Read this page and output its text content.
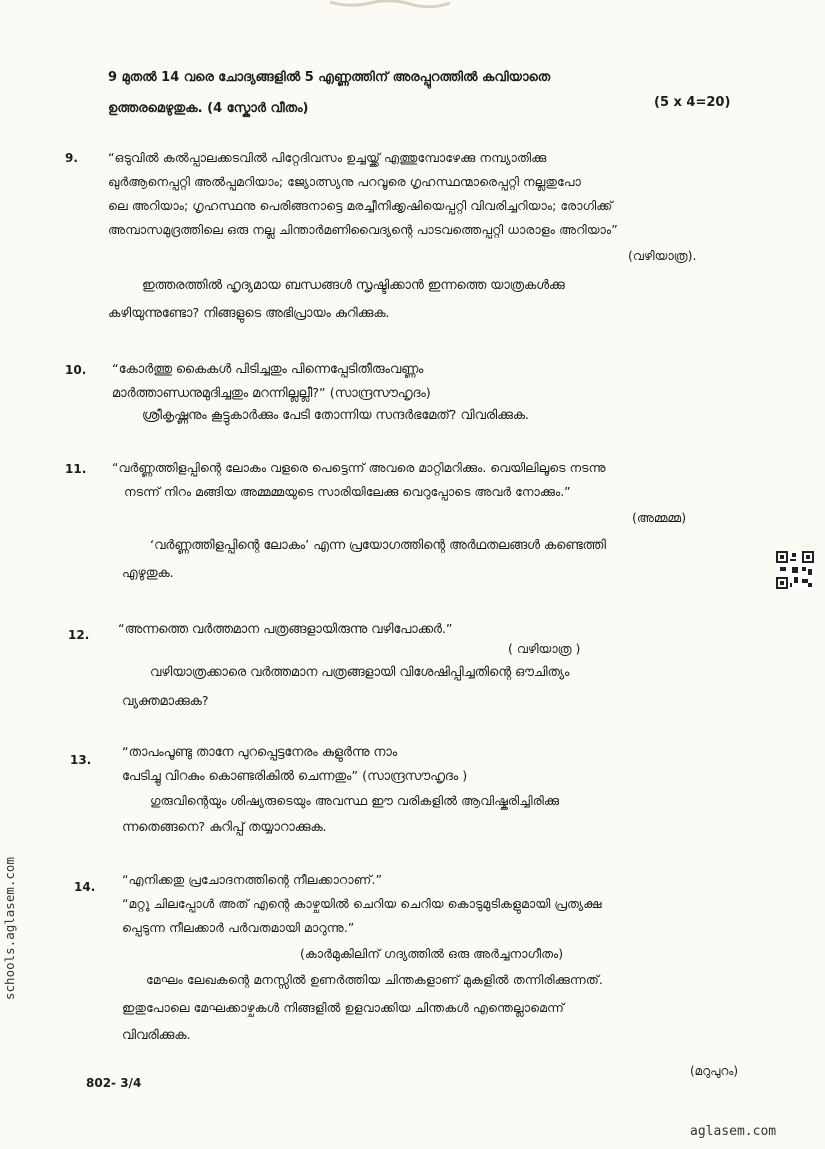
9 മുതൽ 14 വരെ ചോദ്യങ്ങളിൽ 5 എണ്ണത്തിന് അരപ്പുറത്തിൽ കവിയാതെ
ഉത്തരമെഴുതുക. (4 സ്കോർ വീതം)	(5 x 4=20)
9. “ഒടുവിൽ കൽപ്പാലക്കടവിൽ പിറ്റേദിവസം ഉച്ചയ്ക്ക് എത്തുമ്പോഴേക്കു നമ്പ്യാതിക്കു
ഖുർആനെപ്പറ്റി അൽപ്പമറിയാം; ജ്യോത്സ്യനു പറവൂരെ ഗൃഹസ്ഥന്മാരെപ്പറ്റി നല്ലതുപോ
ലെ അറിയാം; ഗൃഹസ്ഥനു പെരിങ്ങനാട്ടെ മരച്ചീനിക്കൃഷിയെപ്പറ്റി വിവരിച്ചറിയാം; രോഗിക്ക്
അമ്പാസമുദ്രത്തിലെ ഒരു നല്ല ചിന്താർമണിവൈദ്യന്റെ പാടവത്തെപ്പറ്റി ധാരാളം അറിയാം”
(വഴിയാത്ര).
ഇത്തരത്തിൽ ഹൃദ്യമായ ബന്ധങ്ങൾ സൃഷ്ടിക്കാൻ ഇന്നത്തെ യാത്രകൾക്കു
കഴിയുന്നുണ്ടോ? നിങ്ങളുടെ അഭിപ്രായം കുറിക്കുക.
10. “കോർത്തു കൈകൾ പിടിച്ചതും പിന്നെപ്പേടിതീരുംവണ്ണം
മാർത്താണ്ഡനുമുദിച്ചതും മറന്നില്ലല്ലീ?” (സാന്ദ്രസൗഹൃദം)
ശ്രീകൃഷ്ണനും കൂട്ടുകാർക്കും പേടി തോന്നിയ സന്ദർഭമേത്? വിവരിക്കുക.
11. “വർണ്ണത്തിളപ്പിന്റെ ലോകം വളരെ പെട്ടെന്ന് അവരെ മാറ്റിമറിക്കും. വെയിലിലൂടെ നടന്നു
നടന്ന് നിറം മങ്ങിയ അമ്മമ്മയുടെ സാരിയിലേക്കു വെറുപ്പോടെ അവർ നോക്കും.”
(അമ്മമ്മ)
‘വർണ്ണത്തിളപ്പിന്റെ ലോകം’ എന്ന പ്രയോഗത്തിന്റെ അർഥതലങ്ങൾ കണ്ടെത്തി
എഴുതുക.
12. “അന്നത്തെ വർത്തമാന പത്രങ്ങളായിരുന്നു വഴിപോക്കർ.”
( വഴിയാത്ര )
വഴിയാത്രക്കാരെ വർത്തമാന പത്രങ്ങളായി വിശേഷിപ്പിച്ചതിന്റെ ഔചിത്യം
വ്യക്തമാക്കുക?
13. “താപംപൂണ്ടു താനേ പുറപ്പെട്ടനേരം കുളുർന്നു നാം
പേടിച്ചു വിറകും കൊണ്ടരികിൽ ചെന്നതും” (സാന്ദ്രസൗഹൃദം )
ഗുരുവിന്റെയും ശിഷ്യരുടെയും അവസ്ഥ ഈ വരികളിൽ ആവിഷ്കരിച്ചിരിക്കു
ന്നതെങ്ങനെ? കുറിപ്പ് തയ്യാറാക്കുക.
14. “എനിക്കതു പ്രചോദനത്തിന്റെ നീലക്കാറാണ്.”
“മറ്റു ചിലപ്പോൾ അത് എന്റെ കാഴ്ചയിൽ ചെറിയ ചെറിയ കൊടുമുടികളുമായി പ്രത്യക്ഷ
പ്പെടുന്ന നീലക്കാർ പർവതമായി മാറുന്നു.”
(കാർമുകിലിന് ഗദ്യത്തിൽ ഒരു അർച്ചനാഗീതം)
മേഘം ലേഖകന്റെ മനസ്സിൽ ഉണർത്തിയ ചിന്തകളാണ് മുകളിൽ തന്നിരിക്കുന്നത്.
ഇതുപോലെ മേഘക്കാഴ്ചകൾ നിങ്ങളിൽ ഉളവാക്കിയ ചിന്തകൾ എന്തെല്ലാമെന്ന്
വിവരിക്കുക.
(മറുപുറം)
802- 3/4
schools.aglasem.com
aglasem.com
